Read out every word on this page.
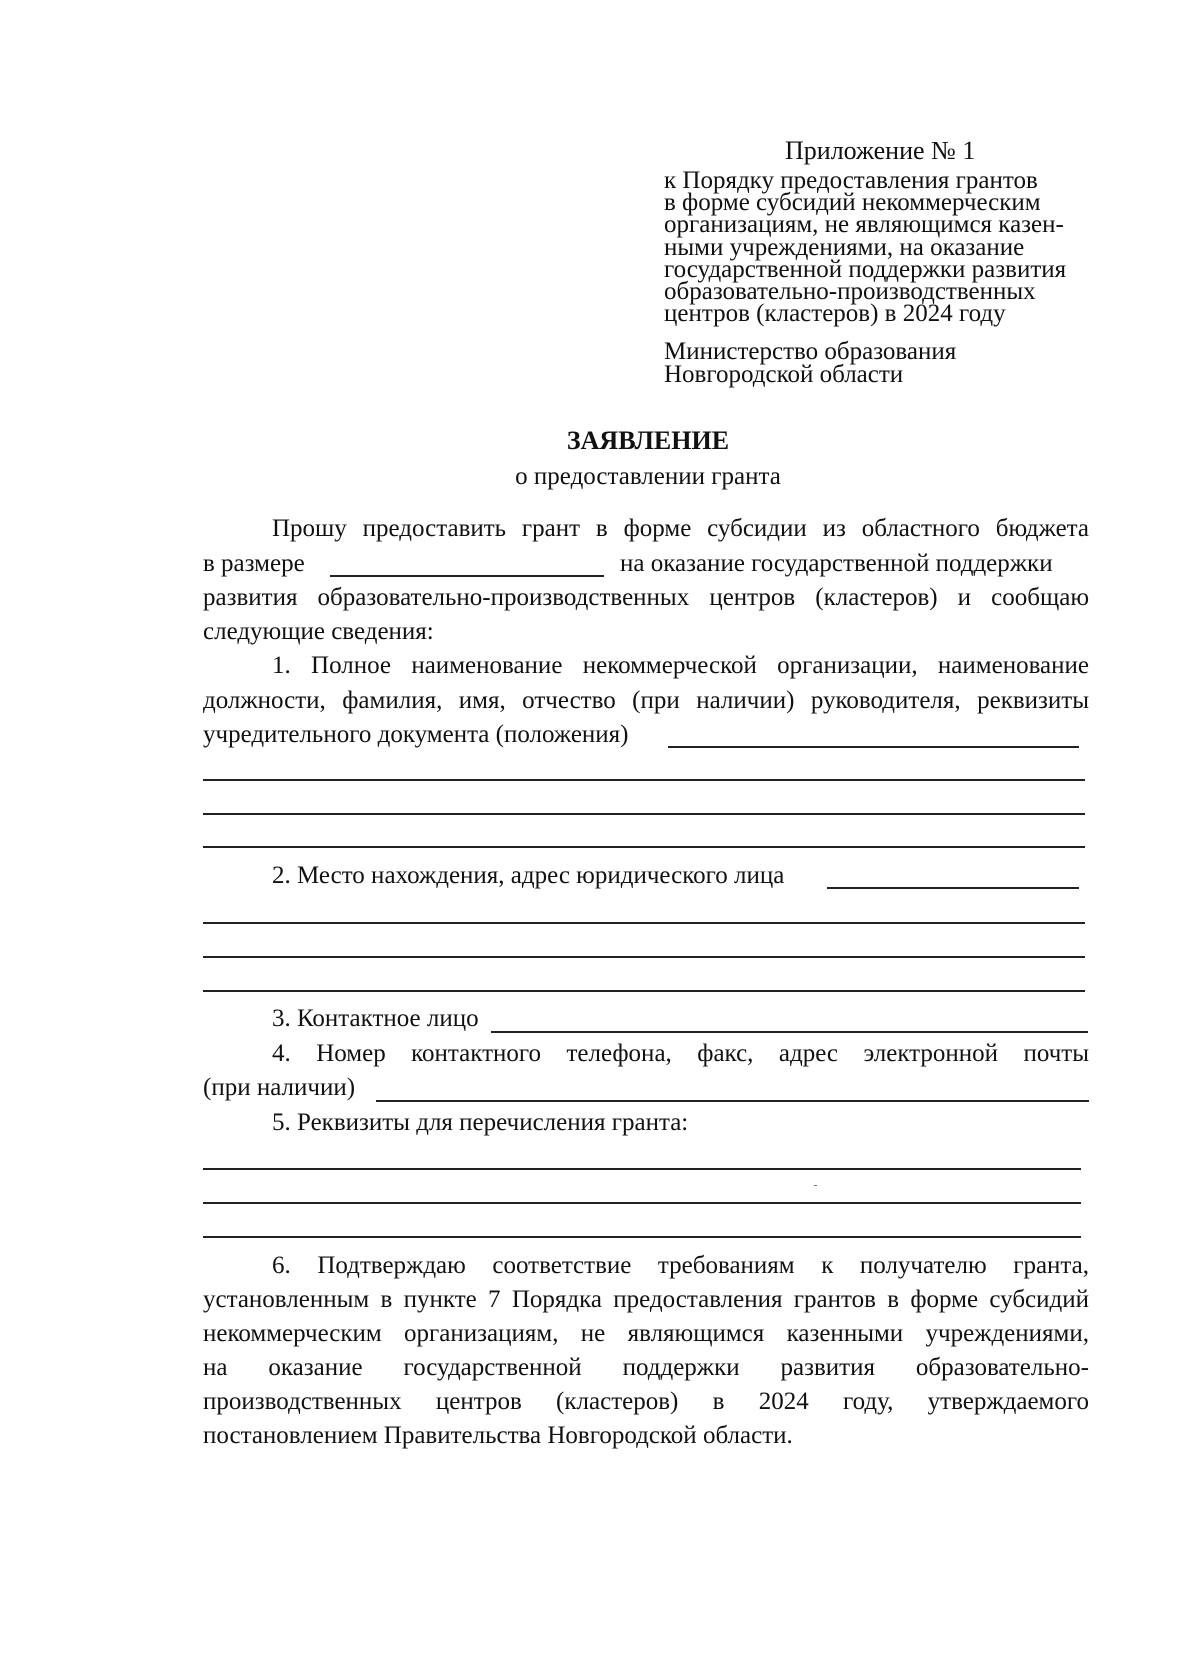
Приложение № 1
к Порядку предоставления грантов
в форме субсидий некоммерческим
организациям, не являющимся казен-
ными учреждениями, на оказание
государственной поддержки развития
образовательно-производственных
центров (кластеров) в 2024 году
Министерство образования
Новгородской области
ЗАЯВЛЕНИЕ
о предоставлении гранта
Прошу предоставить грант в форме субсидии из областного бюджета
в размере	на оказание государственной поддержки
развития образовательно-производственных центров (кластеров) и сообщаю
следующие сведения:
1. Полное наименование некоммерческой организации, наименование
должности, фамилия, имя, отчество (при наличии) руководителя, реквизиты
учредительного документа (положения)
2. Место нахождения, адрес юридического лица
3. Контактное лицо
4. Номер контактного телефона, факс, адрес электронной почты
(при наличии)
5. Реквизиты для перечисления гранта:
6. Подтверждаю соответствие требованиям к получателю гранта,
установленным в пункте 7 Порядка предоставления грантов в форме субсидий
некоммерческим организациям, не являющимся казенными учреждениями,
на оказание государственной поддержки развития образовательно-
производственных центров (кластеров) в 2024 году, утверждаемого
постановлением Правительства Новгородской области.
